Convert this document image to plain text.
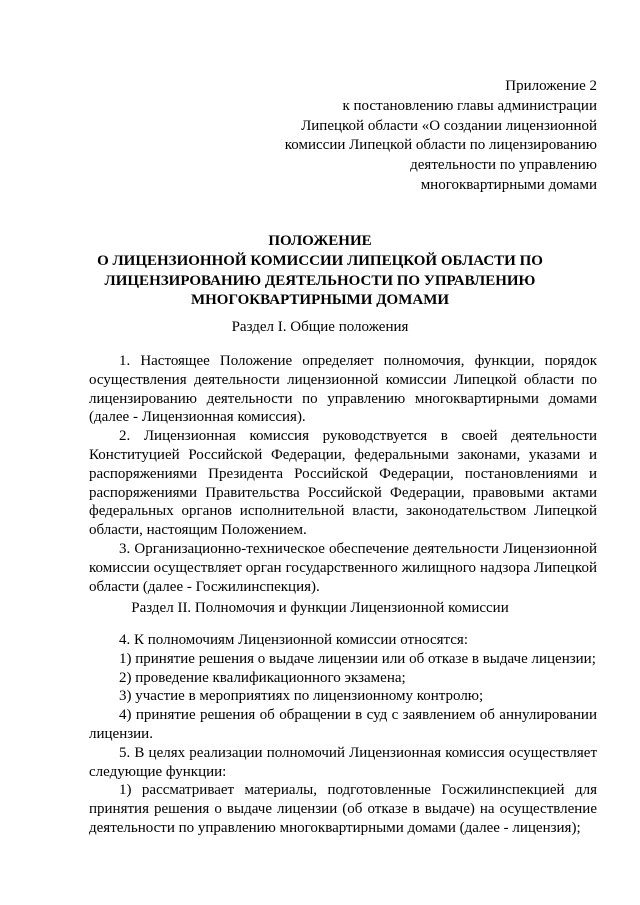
Приложение 2
к постановлению главы администрации
Липецкой области «О создании лицензионной
комиссии Липецкой области по лицензированию
деятельности по управлению
многоквартирными домами
ПОЛОЖЕНИЕ
О ЛИЦЕНЗИОННОЙ КОМИССИИ ЛИПЕЦКОЙ ОБЛАСТИ ПО
ЛИЦЕНЗИРОВАНИЮ ДЕЯТЕЛЬНОСТИ ПО УПРАВЛЕНИЮ
МНОГОКВАРТИРНЫМИ ДОМАМИ
Раздел I. Общие положения
1. Настоящее Положение определяет полномочия, функции, порядок осуществления деятельности лицензионной комиссии Липецкой области по лицензированию деятельности по управлению многоквартирными домами (далее - Лицензионная комиссия).
2. Лицензионная комиссия руководствуется в своей деятельности Конституцией Российской Федерации, федеральными законами, указами и распоряжениями Президента Российской Федерации, постановлениями и распоряжениями Правительства Российской Федерации, правовыми актами федеральных органов исполнительной власти, законодательством Липецкой области, настоящим Положением.
3. Организационно-техническое обеспечение деятельности Лицензионной комиссии осуществляет орган государственного жилищного надзора Липецкой области (далее - Госжилинспекция).
Раздел II. Полномочия и функции Лицензионной комиссии
4. К полномочиям Лицензионной комиссии относятся:
1) принятие решения о выдаче лицензии или об отказе в выдаче лицензии;
2) проведение квалификационного экзамена;
3) участие в мероприятиях по лицензионному контролю;
4) принятие решения об обращении в суд с заявлением об аннулировании лицензии.
5. В целях реализации полномочий Лицензионная комиссия осуществляет следующие функции:
1) рассматривает материалы, подготовленные Госжилинспекцией для принятия решения о выдаче лицензии (об отказе в выдаче) на осуществление деятельности по управлению многоквартирными домами (далее - лицензия);
